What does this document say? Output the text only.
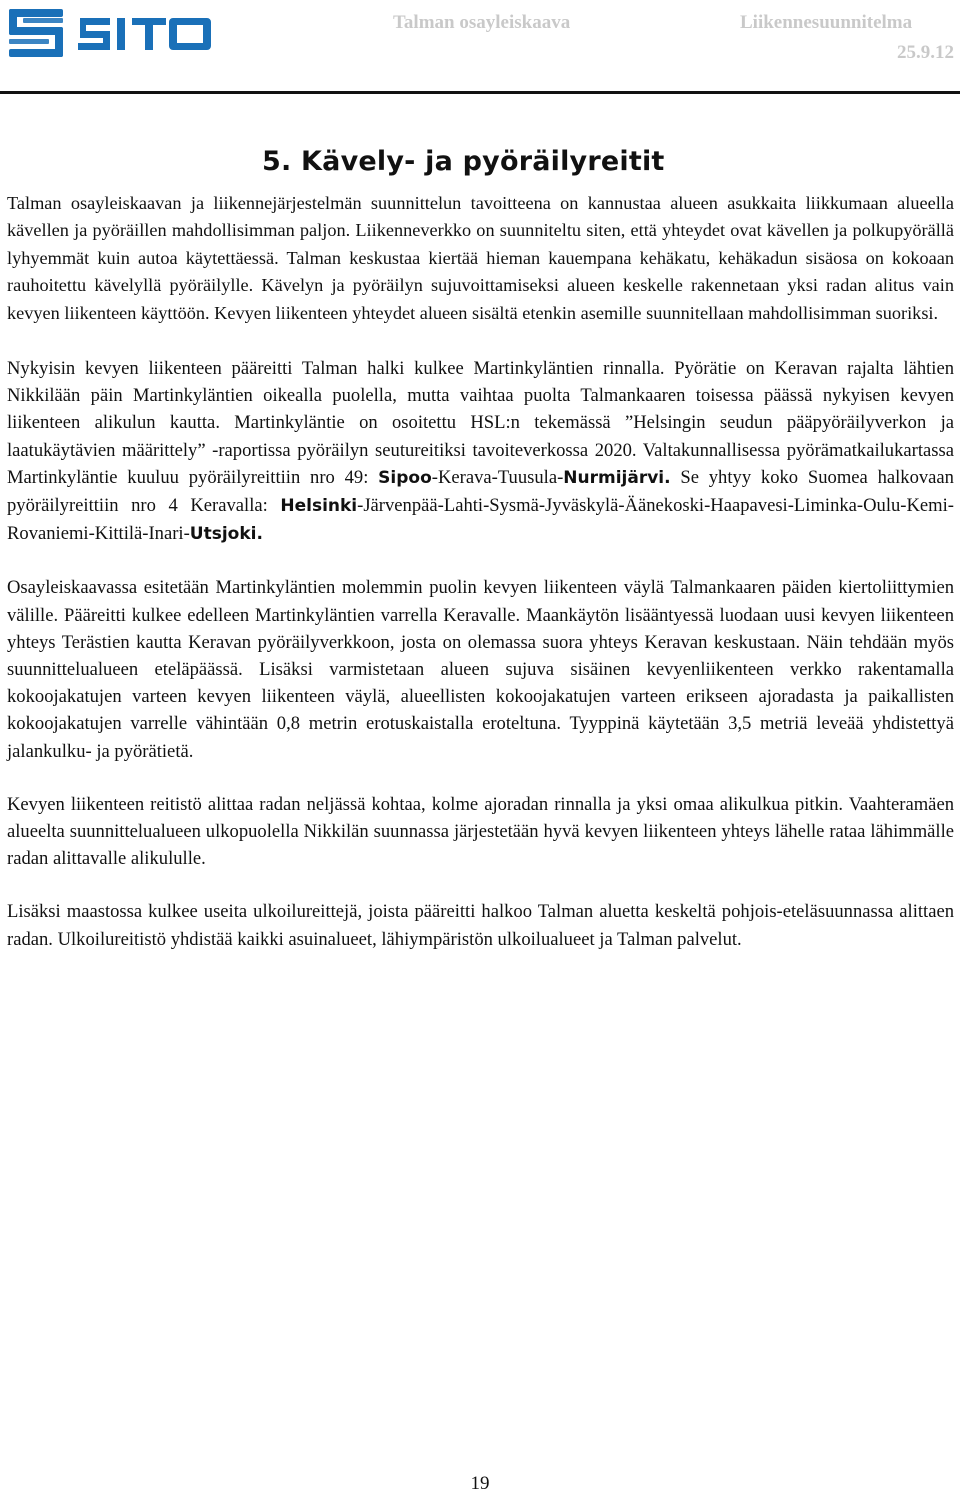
Talman osayleiskaava	Liikennesuunnitelma
25.9.12
5. Kävely- ja pyöräilyreitit

Talman osayleiskaavan ja liikennejärjestelmän suunnittelun tavoitteena on kannustaa alueen asukkaita liikkumaan alueella kävellen ja pyöräillen mahdollisimman paljon. Liikenneverkko on suunniteltu siten, että yhteydet ovat kävellen ja polkupyörällä lyhyemmät kuin autoa käytettäessä. Talman keskustaa kiertää hieman kauempana kehäkatu, kehäkadun sisäosa on kokoaan rauhoitettu kävelyllä pyöräilylle. Kävelyn ja pyöräilyn sujuvoittamiseksi alueen keskelle rakennetaan yksi radan alitus vain kevyen liikenteen käyttöön. Kevyen liikenteen yhteydet alueen sisältä etenkin asemille suunnitellaan mahdollisimman suoriksi.

Nykyisin kevyen liikenteen pääreitti Talman halki kulkee Martinkyläntien rinnalla. Pyörätie on Keravan rajalta lähtien Nikkilään päin Martinkyläntien oikealla puolella, mutta vaihtaa puolta Talmankaaren toisessa päässä nykyisen kevyen liikenteen alikulun kautta. Martinkyläntie on osoitettu HSL:n tekemässä ”Helsingin seudun pääpyöräilyverkon ja laatukäytävien määrittely” -raportissa pyöräilyn seutureitiksi tavoiteverkossa 2020. Valtakunnallisessa pyörämatkailukartassa Martinkyläntie kuuluu pyöräilyreittiin nro 49: Sipoo-Kerava-Tuusula-Nurmijärvi. Se yhtyy koko Suomea halkovaan pyöräilyreittiin nro 4 Keravalla: Helsinki-Järvenpää-Lahti-Sysmä-Jyväskylä-Äänekoski-Haapavesi-Liminka-Oulu-Kemi-Rovaniemi-Kittilä-Inari-Utsjoki.

Osayleiskaavassa esitetään Martinkyläntien molemmin puolin kevyen liikenteen väylä Talmankaaren päiden kiertoliittymien välille. Pääreitti kulkee edelleen Martinkyläntien varrella Keravalle. Maankäytön lisääntyessä luodaan uusi kevyen liikenteen yhteys Terästien kautta Keravan pyöräilyverkkoon, josta on olemassa suora yhteys Keravan keskustaan. Näin tehdään myös suunnittelualueen eteläpäässä. Lisäksi varmistetaan alueen sujuva sisäinen kevyenliikenteen verkko rakentamalla kokoojakatujen varteen kevyen liikenteen väylä, alueellisten kokoojakatujen varteen erikseen ajoradasta ja paikallisten kokoojakatujen varrelle vähintään 0,8 metrin erotuskaistalla eroteltuna. Tyyppinä käytetään 3,5 metriä leveää yhdistettyä jalankulku- ja pyörätietä.

Kevyen liikenteen reitistö alittaa radan neljässä kohtaa, kolme ajoradan rinnalla ja yksi omaa alikulkua pitkin. Vaahteramäen alueelta suunnittelualueen ulkopuolella Nikkilän suunnassa järjestetään hyvä kevyen liikenteen yhteys lähelle rataa lähimmälle radan alittavalle alikululle.

Lisäksi maastossa kulkee useita ulkoilureittejä, joista pääreitti halkoo Talman aluetta keskeltä pohjois-eteläsuunnassa alittaen radan. Ulkoilureitistö yhdistää kaikki asuinalueet, lähiympäristön ulkoilualueet ja Talman palvelut.

19
